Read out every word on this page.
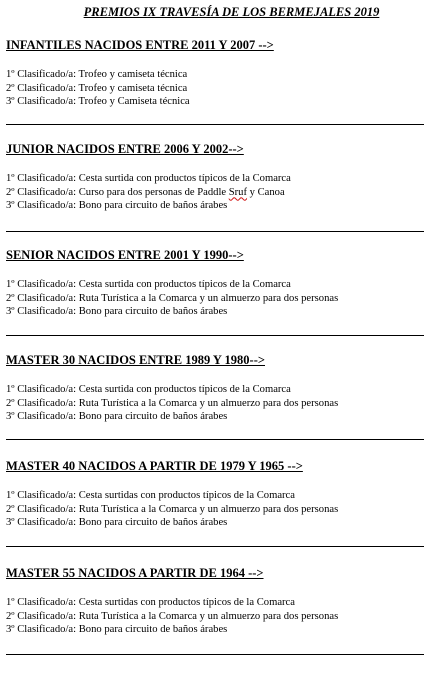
PREMIOS IX TRAVESÍA DE LOS BERMEJALES 2019
INFANTILES NACIDOS ENTRE 2011 Y 2007 -->
1º Clasificado/a: Trofeo y camiseta técnica
2º Clasificado/a: Trofeo y camiseta técnica
3º Clasificado/a: Trofeo y Camiseta técnica
JUNIOR NACIDOS ENTRE 2006 Y 2002-->
1º Clasificado/a: Cesta surtida con productos típicos de la Comarca
2º Clasificado/a: Curso para dos personas de Paddle Sruf y Canoa
3º Clasificado/a: Bono para circuito de baños árabes
SENIOR NACIDOS ENTRE 2001 Y 1990-->
1º Clasificado/a: Cesta surtida con productos típicos de la Comarca
2º Clasificado/a: Ruta Turística a la Comarca y un almuerzo para dos personas
3º Clasificado/a: Bono para circuito de baños árabes
MASTER 30 NACIDOS ENTRE 1989 Y 1980-->
1º Clasificado/a: Cesta surtida con productos típicos de la Comarca
2º Clasificado/a: Ruta Turística a la Comarca y un almuerzo para dos personas
3º Clasificado/a: Bono para circuito de baños árabes
MASTER 40 NACIDOS A PARTIR DE 1979 Y 1965 -->
1º Clasificado/a: Cesta surtidas con productos típicos de la Comarca
2º Clasificado/a: Ruta Turística a la Comarca y un almuerzo para dos personas
3º Clasificado/a: Bono para circuito de baños árabes
MASTER 55 NACIDOS A PARTIR DE 1964 -->
1º Clasificado/a: Cesta surtidas con productos típicos de la Comarca
2º Clasificado/a: Ruta Turística a la Comarca y un almuerzo para dos personas
3º Clasificado/a: Bono para circuito de baños árabes
